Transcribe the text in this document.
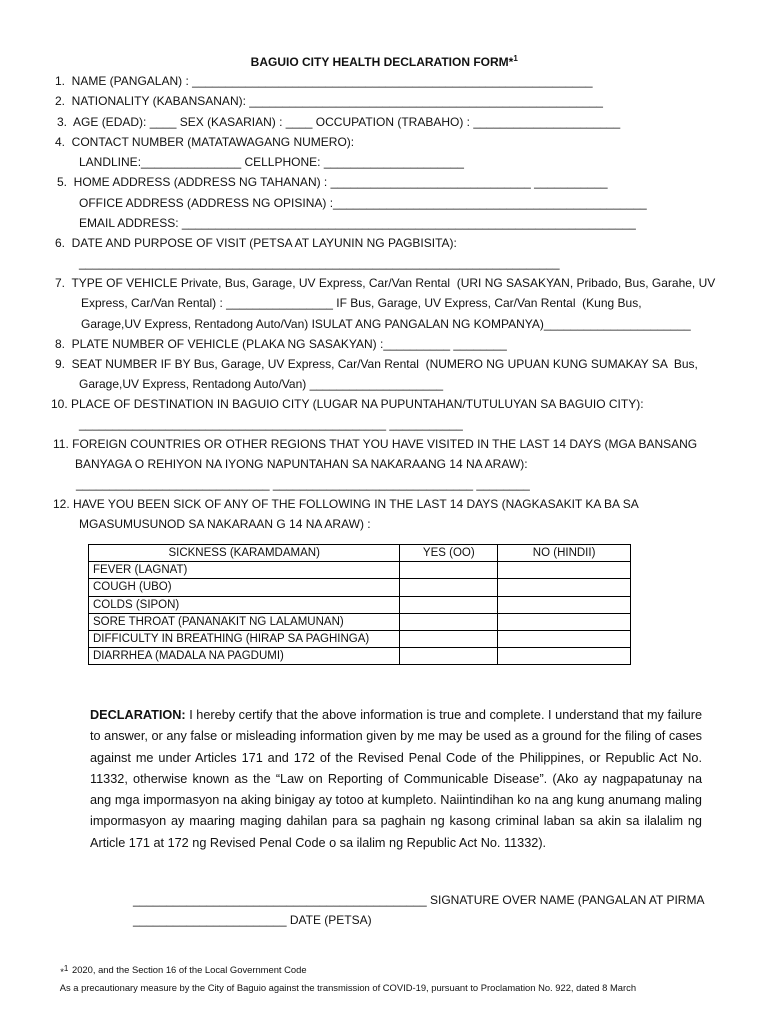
BAGUIO CITY HEALTH DECLARATION FORM*$^1$

1.  NAME (PANGALAN) : ____________________________________________________________
2.  NATIONALITY (KABANSANAN): _____________________________________________________
3.  AGE (EDAD): ____ SEX (KASARIAN) : ____ OCCUPATION (TRABAHO) : ______________________
4.  CONTACT NUMBER (MATATAWAGANG NUMERO):
LANDLINE:_______________ CELLPHONE: _____________________
5.  HOME ADDRESS (ADDRESS NG TAHANAN) : ______________________________ ___________
OFFICE ADDRESS (ADDRESS NG OPISINA) :_______________________________________________
EMAIL ADDRESS: ____________________________________________________________________
6.  DATE AND PURPOSE OF VISIT (PETSA AT LAYUNIN NG PAGBISITA):
________________________________________________________________________
7.  TYPE OF VEHICLE Private, Bus, Garage, UV Express, Car/Van Rental  (URI NG SASAKYAN, Pribado, Bus, Garahe, UV
Express, Car/Van Rental) : ________________ IF Bus, Garage, UV Express, Car/Van Rental  (Kung Bus,
Garage,UV Express, Rentadong Auto/Van) ISULAT ANG PANGALAN NG KOMPANYA)______________________
8.  PLATE NUMBER OF VEHICLE (PLAKA NG SASAKYAN) :__________ ________
9.  SEAT NUMBER IF BY Bus, Garage, UV Express, Car/Van Rental  (NUMERO NG UPUAN KUNG SUMAKAY SA  Bus,
Garage,UV Express, Rentadong Auto/Van) ____________________
10. PLACE OF DESTINATION IN BAGUIO CITY (LUGAR NA PUPUNTAHAN/TUTULUYAN SA BAGUIO CITY):
______________________________________________ ___________
11. FOREIGN COUNTRIES OR OTHER REGIONS THAT YOU HAVE VISITED IN THE LAST 14 DAYS (MGA BANSANG
BANYAGA O REHIYON NA IYONG NAPUNTAHAN SA NAKARAANG 14 NA ARAW):
_____________________________ ______________________________ ________
12. HAVE YOU BEEN SICK OF ANY OF THE FOLLOWING IN THE LAST 14 DAYS (NAGKASAKIT KA BA SA
MGASUMUSUNOD SA NAKARAAN G 14 NA ARAW) :
SICKNESS (KARAMDAMAN)	YES (OO)	NO (HINDII)
FEVER (LAGNAT)		
COUGH (UBO)		
COLDS (SIPON)		
SORE THROAT (PANANAKIT NG LALAMUNAN)		
DIFFICULTY IN BREATHING (HIRAP SA PAGHINGA)		
DIARRHEA (MADALA NA PAGDUMI)		
DECLARATION: I hereby certify that the above information is true and complete. I understand that my failure to answer, or any false or misleading information given by me may be used as a ground for the filing of cases against me under Articles 171 and 172 of the Revised Penal Code of the Philippines, or Republic Act No. 11332, otherwise known as the “Law on Reporting of Communicable Disease”. (Ako ay nagpapatunay na ang mga impormasyon na aking binigay ay totoo at kumpleto. Naiintindihan ko na ang kung anumang maling impormasyon ay maaring maging dahilan para sa paghain ng kasong criminal laban sa akin sa ilalalim ng Article 171 at 172 ng Revised Penal Code o sa ilalim ng Republic Act No. 11332).
____________________________________________ SIGNATURE OVER NAME (PANGALAN AT PIRMA
_______________________ DATE (PETSA)

*1
As a precautionary measure by the City of Baguio against the transmission of COVID-19, pursuant to Proclamation No. 922, dated 8 March

2020, and the Section 16 of the Local Government Code
